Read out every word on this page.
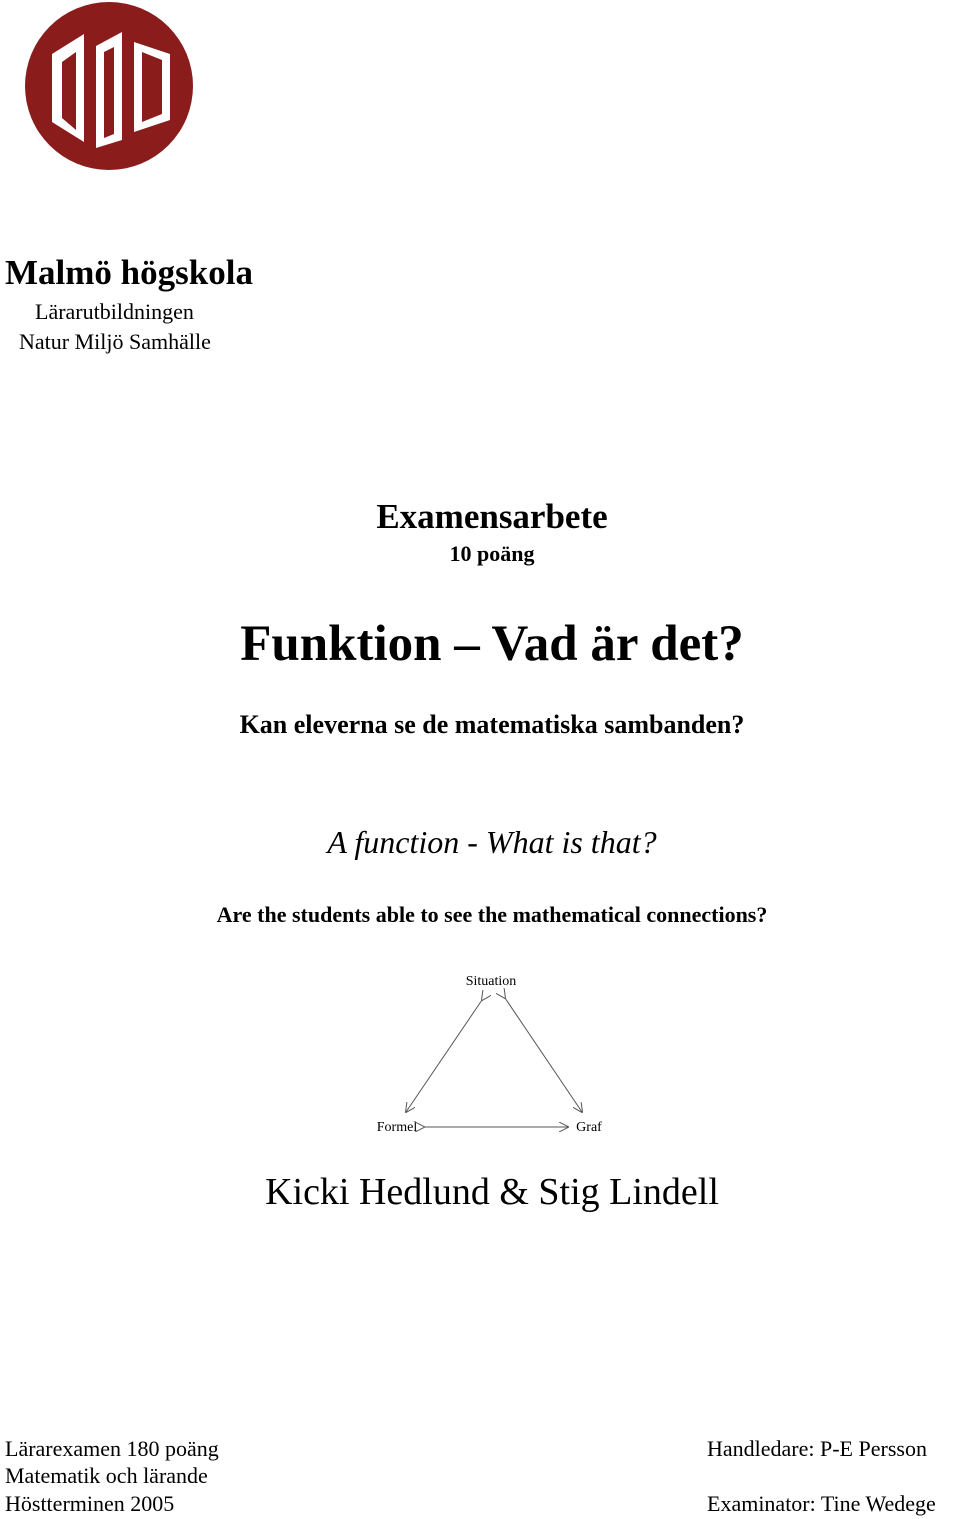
Malmö högskola
Lärarutbildningen
Natur Miljö Samhälle
Examensarbete
10 poäng
Funktion – Vad är det?
Kan eleverna se de matematiska sambanden?
A function - What is that?
Are the students able to see the mathematical connections?
Situation
Formel	Graf
Kicki Hedlund & Stig Lindell
Lärarexamen 180 poäng
Matematik och lärande
Höstterminen 2005
Handledare: P-E Persson
Examinator: Tine Wedege
